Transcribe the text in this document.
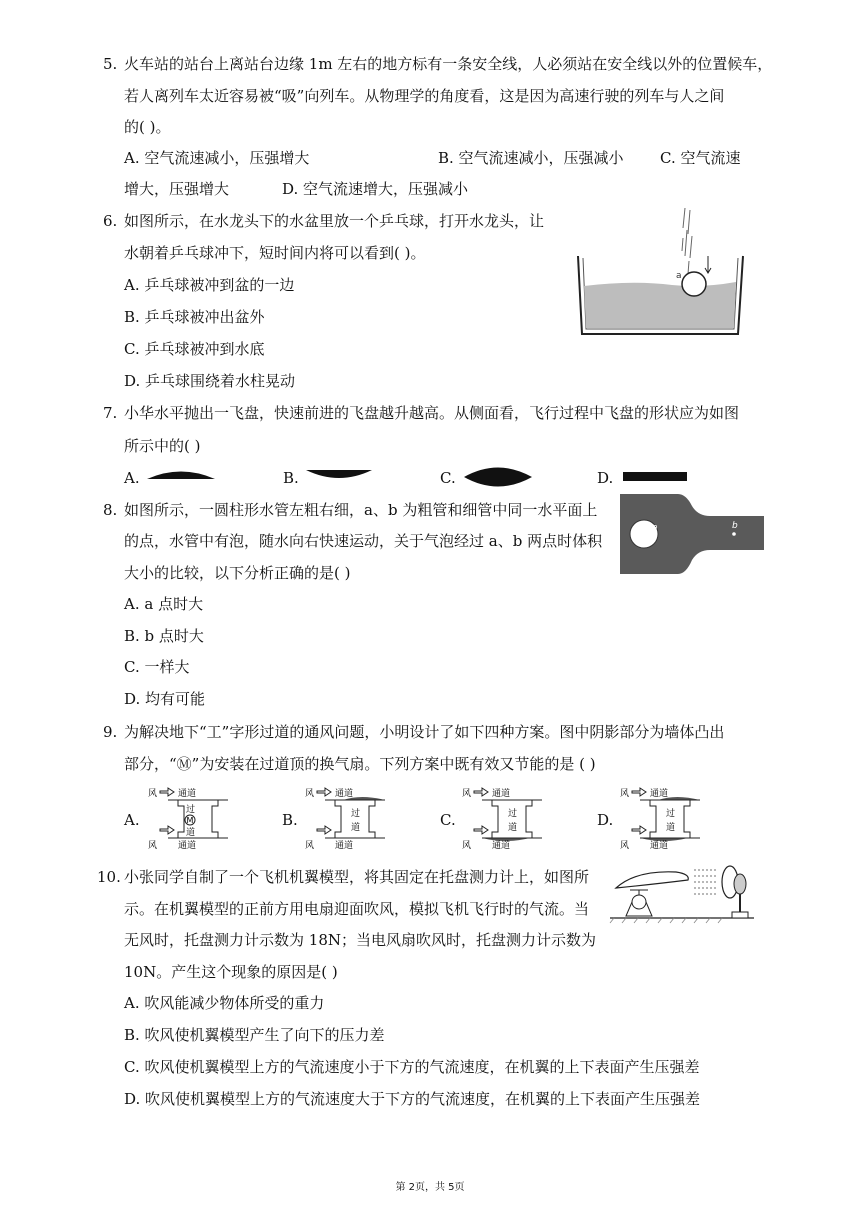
5. 火车站的站台上离站台边缘 1m 左右的地方标有一条安全线，人必须站在安全线以外的位置候车，
若人离列车太近容易被“吸”向列车。从物理学的角度看，这是因为高速行驶的列车与人之间
的( )。
A. 空气流速减小，压强增大	B. 空气流速减小，压强减小 C. 空气流速
增大，压强增大	D. 空气流速增大，压强减小
6. 如图所示，在水龙头下的水盆里放一个乒乓球，打开水龙头，让
水朝着乒乓球冲下，短时间内将可以看到( )。
A. 乒乓球被冲到盆的一边
B. 乒乓球被冲出盆外
C. 乒乓球被冲到水底
D. 乒乓球围绕着水柱晃动
a
7. 小华水平抛出一飞盘，快速前进的飞盘越升越高。从侧面看，飞行过程中飞盘的形状应为如图
所示中的( )
A.	B.	C.	D.
8. 如图所示，一圆柱形水管左粗右细，a、b 为粗管和细管中同一水平面上
的点，水管中有泡，随水向右快速运动，关于气泡经过 a、b 两点时体积
大小的比较，以下分析正确的是( )
A. a 点时大
B. b 点时大
C. 一样大
D. 均有可能
a	b
9. 为解决地下“工”字形过道的通风问题，小明设计了如下四种方案。图中阴影部分为墙体凸出
部分，“Ⓜ”为安装在过道顶的换气扇。下列方案中既有效又节能的是 ( )
A.	B.	C.	D.
风 通道
风 通道
过
M
道
风 通道
风 通道
过
道
风 通道
风 通道
过
道
风 通道
风 通道
过
道
10. 小张同学自制了一个飞机机翼模型，将其固定在托盘测力计上，如图所
示。在机翼模型的正前方用电扇迎面吹风，模拟飞机飞行时的气流。当
无风时，托盘测力计示数为 18N；当电风扇吹风时，托盘测力计示数为
10N。产生这个现象的原因是( )
A. 吹风能减少物体所受的重力
B. 吹风使机翼模型产生了向下的压力差
C. 吹风使机翼模型上方的气流速度小于下方的气流速度，在机翼的上下表面产生压强差
D. 吹风使机翼模型上方的气流速度大于下方的气流速度，在机翼的上下表面产生压强差
第 2页，共 5页
